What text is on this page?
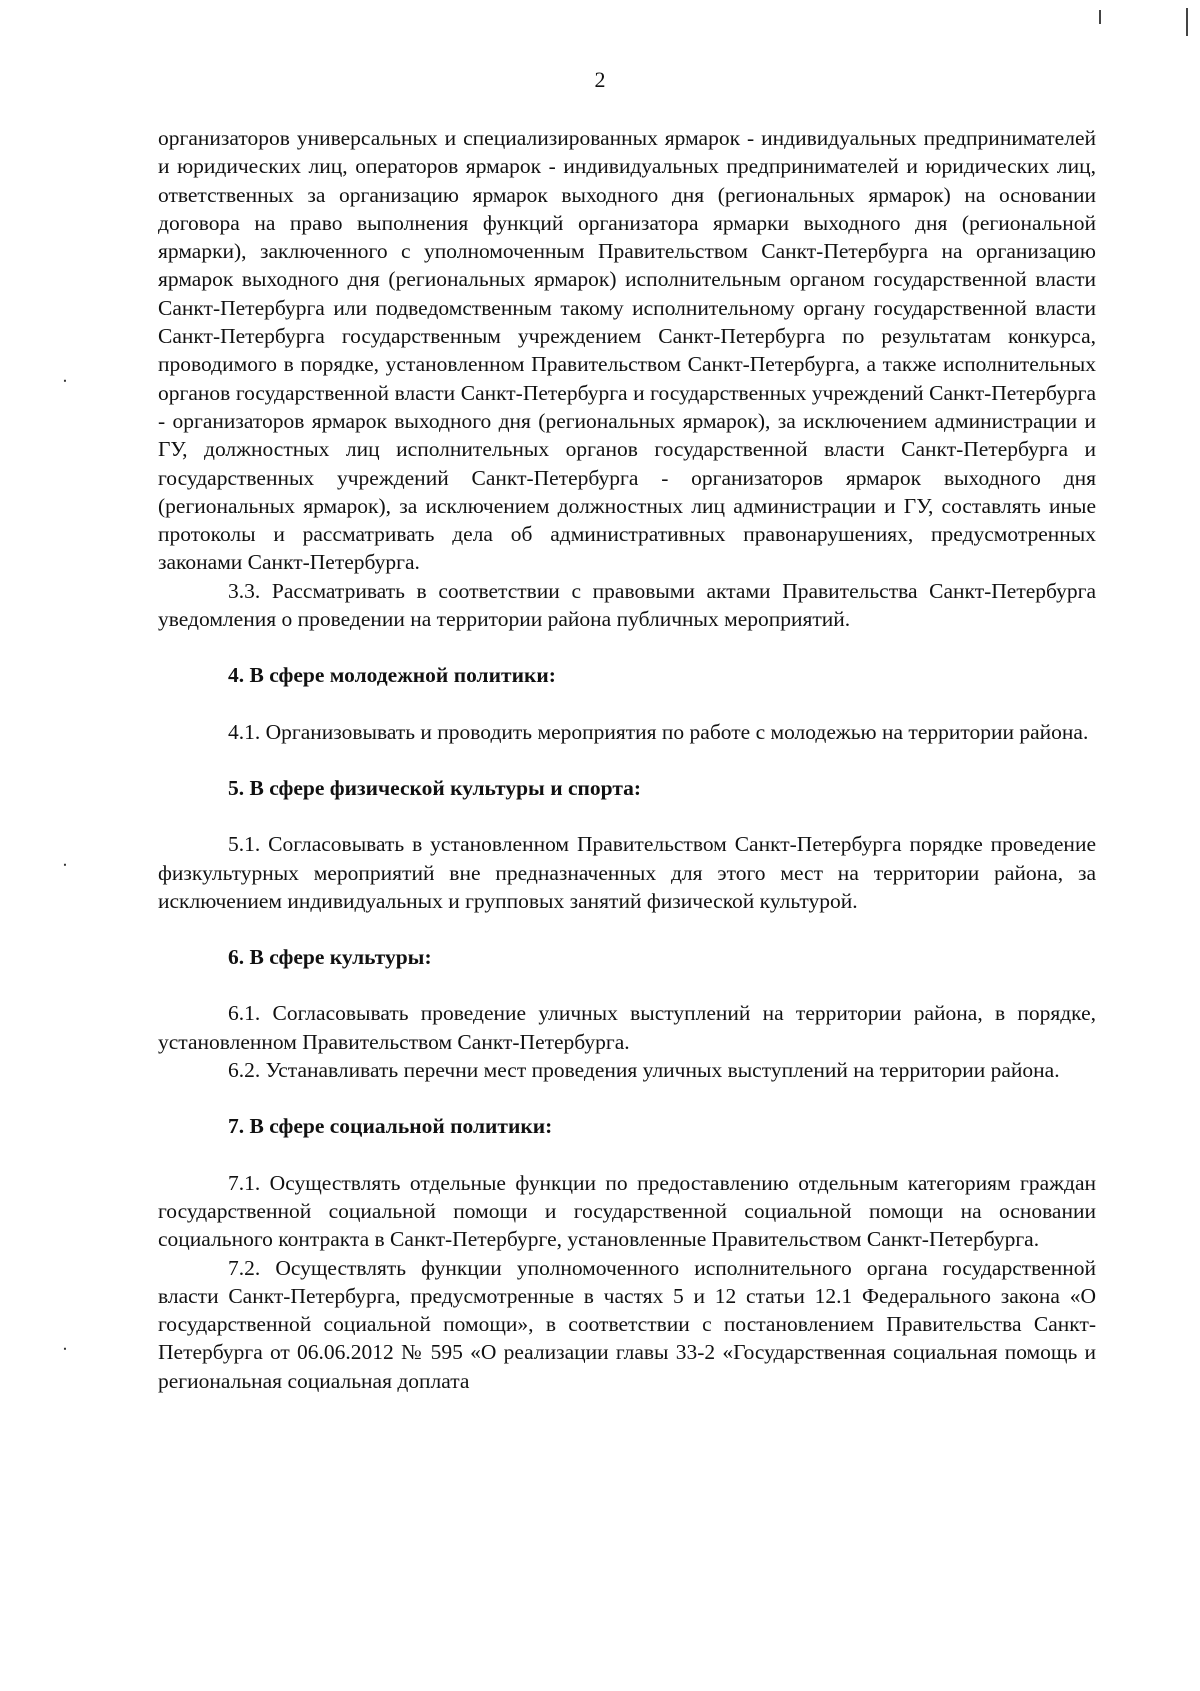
2
ᐧ
ᐧ
ᐧ

организаторов универсальных и специализированных ярмарок - индивидуальных предпринимателей и юридических лиц, операторов ярмарок - индивидуальных предпринимателей и юридических лиц, ответственных за организацию ярмарок выходного дня (региональных ярмарок) на основании договора на право выполнения функций организатора ярмарки выходного дня (региональной ярмарки), заключенного с уполномоченным Правительством Санкт-Петербурга на организацию ярмарок выходного дня (региональных ярмарок) исполнительным органом государственной власти Санкт-Петербурга или подведомственным такому исполнительному органу государственной власти Санкт-Петербурга государственным учреждением Санкт-Петербурга по результатам конкурса, проводимого в порядке, установленном Правительством Санкт-Петербурга, а также исполнительных органов государственной власти Санкт-Петербурга и государственных учреждений Санкт-Петербурга - организаторов ярмарок выходного дня (региональных ярмарок), за исключением администрации и ГУ, должностных лиц исполнительных органов государственной власти Санкт-Петербурга и государственных учреждений Санкт-Петербурга - организаторов ярмарок выходного дня (региональных ярмарок), за исключением должностных лиц администрации и ГУ, составлять иные протоколы и рассматривать дела об административных правонарушениях, предусмотренных законами Санкт-Петербурга.

3.3. Рассматривать в соответствии с правовыми актами Правительства Санкт-Петербурга уведомления о проведении на территории района публичных мероприятий.

4. В сфере молодежной политики:

4.1. Организовывать и проводить мероприятия по работе с молодежью на территории района.

5. В сфере физической культуры и спорта:

5.1. Согласовывать в установленном Правительством Санкт-Петербурга порядке проведение физкультурных мероприятий вне предназначенных для этого мест на территории района, за исключением индивидуальных и групповых занятий физической культурой.

6. В сфере культуры:

6.1. Согласовывать проведение уличных выступлений на территории района, в порядке, установленном Правительством Санкт-Петербурга.

6.2. Устанавливать перечни мест проведения уличных выступлений на территории района.

7. В сфере социальной политики:

7.1. Осуществлять отдельные функции по предоставлению отдельным категориям граждан государственной социальной помощи и государственной социальной помощи на основании социального контракта в Санкт-Петербурге, установленные Правительством Санкт-Петербурга.

7.2. Осуществлять функции уполномоченного исполнительного органа государственной власти Санкт-Петербурга, предусмотренные в частях 5 и 12 статьи 12.1 Федерального закона «О государственной социальной помощи», в соответствии с постановлением Правительства Санкт-Петербурга от 06.06.2012 № 595 «О реализации главы 33-2 «Государственная социальная помощь и региональная социальная доплата
